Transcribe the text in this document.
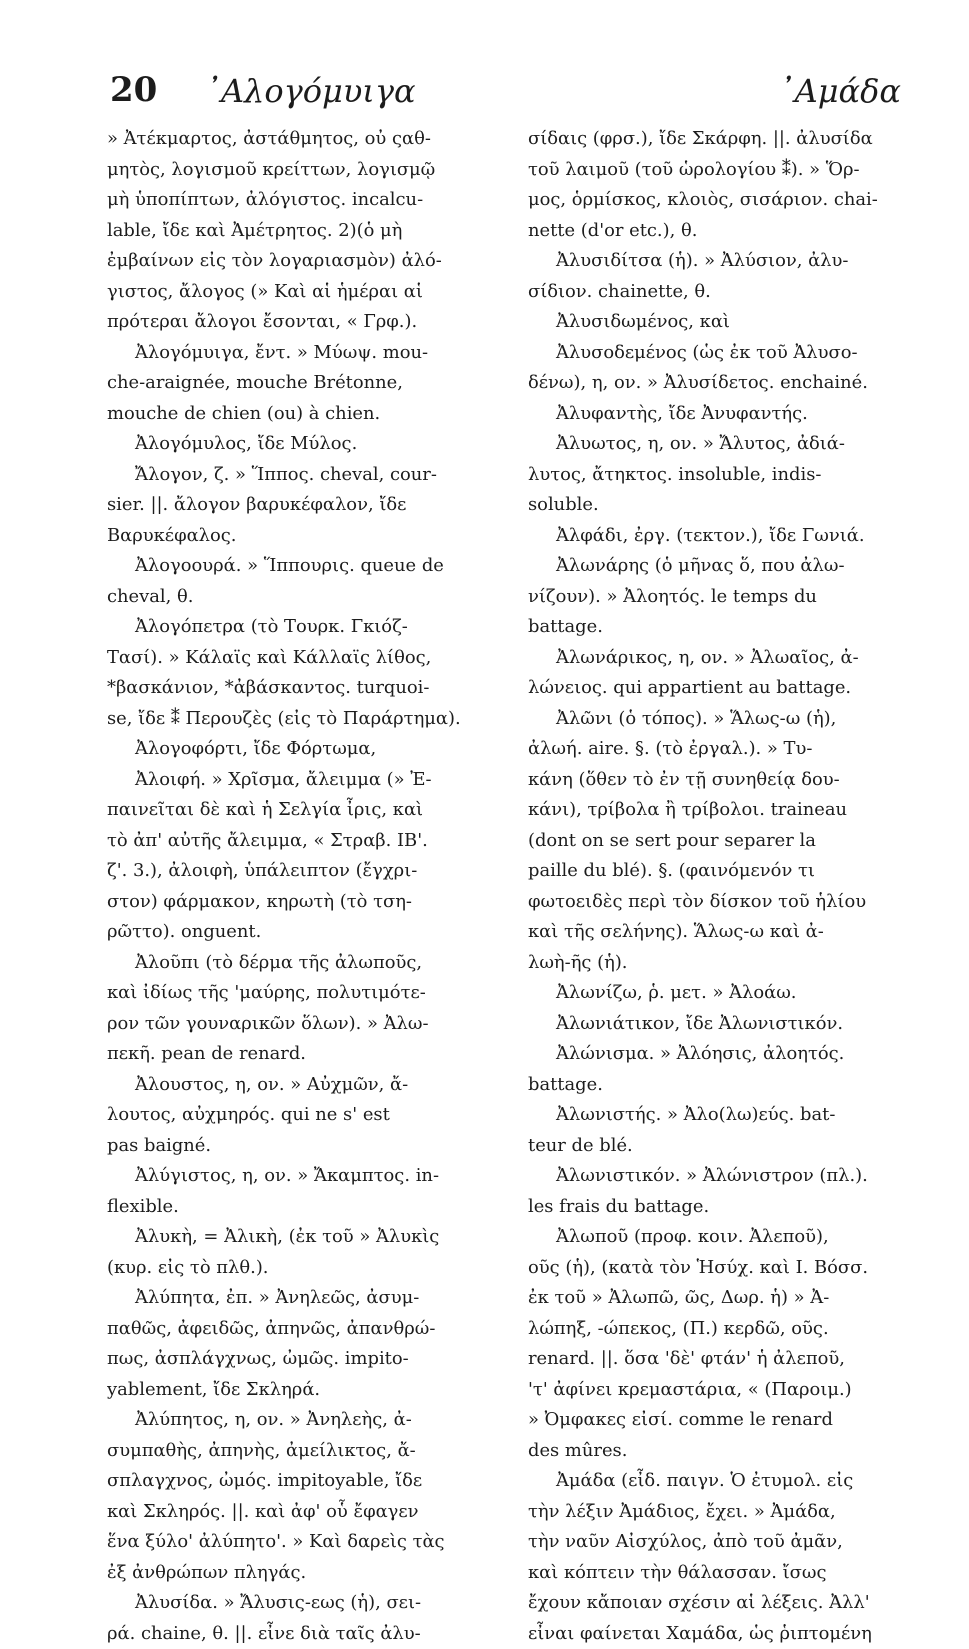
20 ᾿Αλογόμυιγα	᾿Αμάδα
» Ἀτέκμαρτος, ἀστάθμητος, οὐ ςαθ-
μητὸς, λογισμοῦ κρείττων, λογισμῷ
μὴ ὑποπίπτων, ἀλόγιστος. incalcu-
lable, ἴδε καὶ Ἀμέτρητος. 2)(ὁ μὴ
ἐμβαίνων εἰς τὸν λογαριασμὸν) ἀλό-
γιστος, ἄλογος (» Καὶ αἱ ἡμέραι αἱ
πρότεραι ἄλογοι ἔσονται, « Γρφ.).
Ἀλογόμυιγα, ἔντ. » Μύωψ. mou-
che-araignée, mouche Brétonne,
mouche de chien (ou) à chien.
Ἀλογόμυλος, ἴδε Μύλος.
Ἄλογον, ζ. » Ἵππος. cheval, cour-
sier. ||. ἄλογον βαρυκέφαλον, ἴδε
Βαρυκέφαλος.
Ἀλογοουρά. » Ἵππουρις. queue de
cheval, θ.
Ἀλογόπετρα (τὸ Τουρκ. Γκιόζ-
Τασί). » Κάλαϊς καὶ Κάλλαϊς λίθος,
*βασκάνιον, *ἀβάσκαντος. turquoi-
se, ἴδε ⁑ Περουζὲς (εἰς τὸ Παράρτημα).
Ἀλογοφόρτι, ἴδε Φόρτωμα,
Ἀλοιφή. » Χρῖσμα, ἄλειμμα (» Ἐ-
παινεῖται δὲ καὶ ἡ Σελγία ἶρις, καὶ
τὸ ἀπ' αὐτῆς ἄλειμμα, « Στραβ. ΙΒ'.
ζ'. 3.), ἀλοιφὴ, ὑπάλειπτον (ἔγχρι-
στον) φάρμακον, κηρωτὴ (τὸ τση-
ρῶττο). onguent.
Ἀλοῦπι (τὸ δέρμα τῆς ἀλωποῦς,
καὶ ἰδίως τῆς 'μαύρης, πολυτιμότε-
ρον τῶν γουναρικῶν ὅλων). » Ἀλω-
πεκῆ. pean de renard.
Ἀλουστος, η, ον. » Αὐχμῶν, ἄ-
λουτος, αὐχμηρός. qui ne s' est
pas baigné.
Ἀλύγιστος, η, ον. » Ἄκαμπτος. in-
flexible.
Ἀλυκὴ, = Ἀλικὴ, (ἐκ τοῦ » Ἀλυκὶς
(κυρ. εἰς τὸ πλθ.).
Ἀλύπητα, ἐπ. » Ἀνηλεῶς, ἀσυμ-
παθῶς, ἀφειδῶς, ἀπηνῶς, ἀπανθρώ-
πως, ἀσπλάγχνως, ὠμῶς. impito-
yablement, ἴδε Σκληρά.
Ἀλύπητος, η, ον. » Ἀνηλεὴς, ἀ-
συμπαθὴς, ἀπηνὴς, ἀμείλικτος, ἄ-
σπλαγχνος, ὠμός. impitoyable, ἴδε
καὶ Σκληρός. ||. καὶ ἀφ' οὗ ἔφαγεν
ἕνα ξύλο' ἀλύπητο'. » Καὶ δαρεὶς τὰς
ἐξ ἀνθρώπων πληγάς.
Ἀλυσίδα. » Ἄλυσις-εως (ἡ), σει-
ρά. chaine, θ. ||. εἶνε διὰ ταῖς ἀλυ-
σίδαις (φρσ.), ἴδε Σκάρφη. ||. ἀλυσίδα
τοῦ λαιμοῦ (τοῦ ὡρολογίου ⁑). » Ὅρ-
μος, ὁρμίσκος, κλοιὸς, σισάριον. chai-
nette (d'or etc.), θ.
Ἀλυσιδίτσα (ἡ). » Ἀλύσιον, ἀλυ-
σίδιον. chainette, θ.
Ἀλυσιδωμένος, καὶ
Ἀλυσοδεμένος (ὡς ἐκ τοῦ Ἀλυσο-
δένω), η, ον. » Ἀλυσίδετος. enchainé.
Ἀλυφαντὴς, ἴδε Ἀνυφαντής.
Ἀλυωτος, η, ον. » Ἄλυτος, ἀδιά-
λυτος, ἄτηκτος. insoluble, indis-
soluble.
Ἀλφάδι, ἐργ. (τεκτον.), ἴδε Γωνιά.
Ἀλωνάρης (ὁ μῆνας ὅ, που ἀλω-
νίζουν). » Ἀλοητός. le temps du
battage.
Ἀλωνάρικος, η, ον. » Ἀλωαῖος, ἀ-
λώνειος. qui appartient au battage.
Ἀλῶνι (ὁ τόπος). » Ἅλως-ω (ἡ),
ἀλωή. aire. §. (τὸ ἐργαλ.). » Τυ-
κάνη (ὅθεν τὸ ἐν τῇ συνηθείᾳ δου-
κάνι), τρίβολα ἢ τρίβολοι. traineau
(dont on se sert pour separer la
paille du blé). §. (φαινόμενόν τι
φωτοειδὲς περὶ τὸν δίσκον τοῦ ἡλίου
καὶ τῆς σελήνης). Ἅλως-ω καὶ ἀ-
λωὴ-ῆς (ἡ).
Ἀλωνίζω, ῥ. μετ. » Ἀλοάω.
Ἀλωνιάτικον, ἴδε Ἀλωνιστικόν.
Ἀλώνισμα. » Ἀλόησις, ἀλοητός.
battage.
Ἀλωνιστής. » Ἀλο(λω)εύς. bat-
teur de blé.
Ἀλωνιστικόν. » Ἀλώνιστρον (πλ.).
les frais du battage.
Ἀλωποῦ (προφ. κοιν. Ἀλεποῦ),
οῦς (ἡ), (κατὰ τὸν Ἡσύχ. καὶ Ι. Βόσσ.
ἐκ τοῦ » Ἀλωπῶ, ῶς, Δωρ. ἡ) » Ἀ-
λώπηξ, -ώπεκος, (Π.) κερδῶ, οῦς.
renard. ||. ὅσα 'δὲ' φτάν' ἡ ἀλεποῦ,
'τ' ἀφίνει κρεμαστάρια, « (Παροιμ.)
» Ὀμφακες εἰσί. comme le renard
des mûres.
Ἀμάδα (εἶδ. παιγν. Ὁ ἐτυμολ. εἰς
τὴν λέξιν Ἀμάδιος, ἔχει. » Ἀμάδα,
τὴν ναῦν Αἰσχύλος, ἀπὸ τοῦ ἀμᾶν,
καὶ κόπτειν τὴν θάλασσαν. ἴσως
ἔχουν κἄποιαν σχέσιν αἱ λέξεις. Ἀλλ'
εἶναι φαίνεται Χαμάδα, ὡς ῥιπτομένη
